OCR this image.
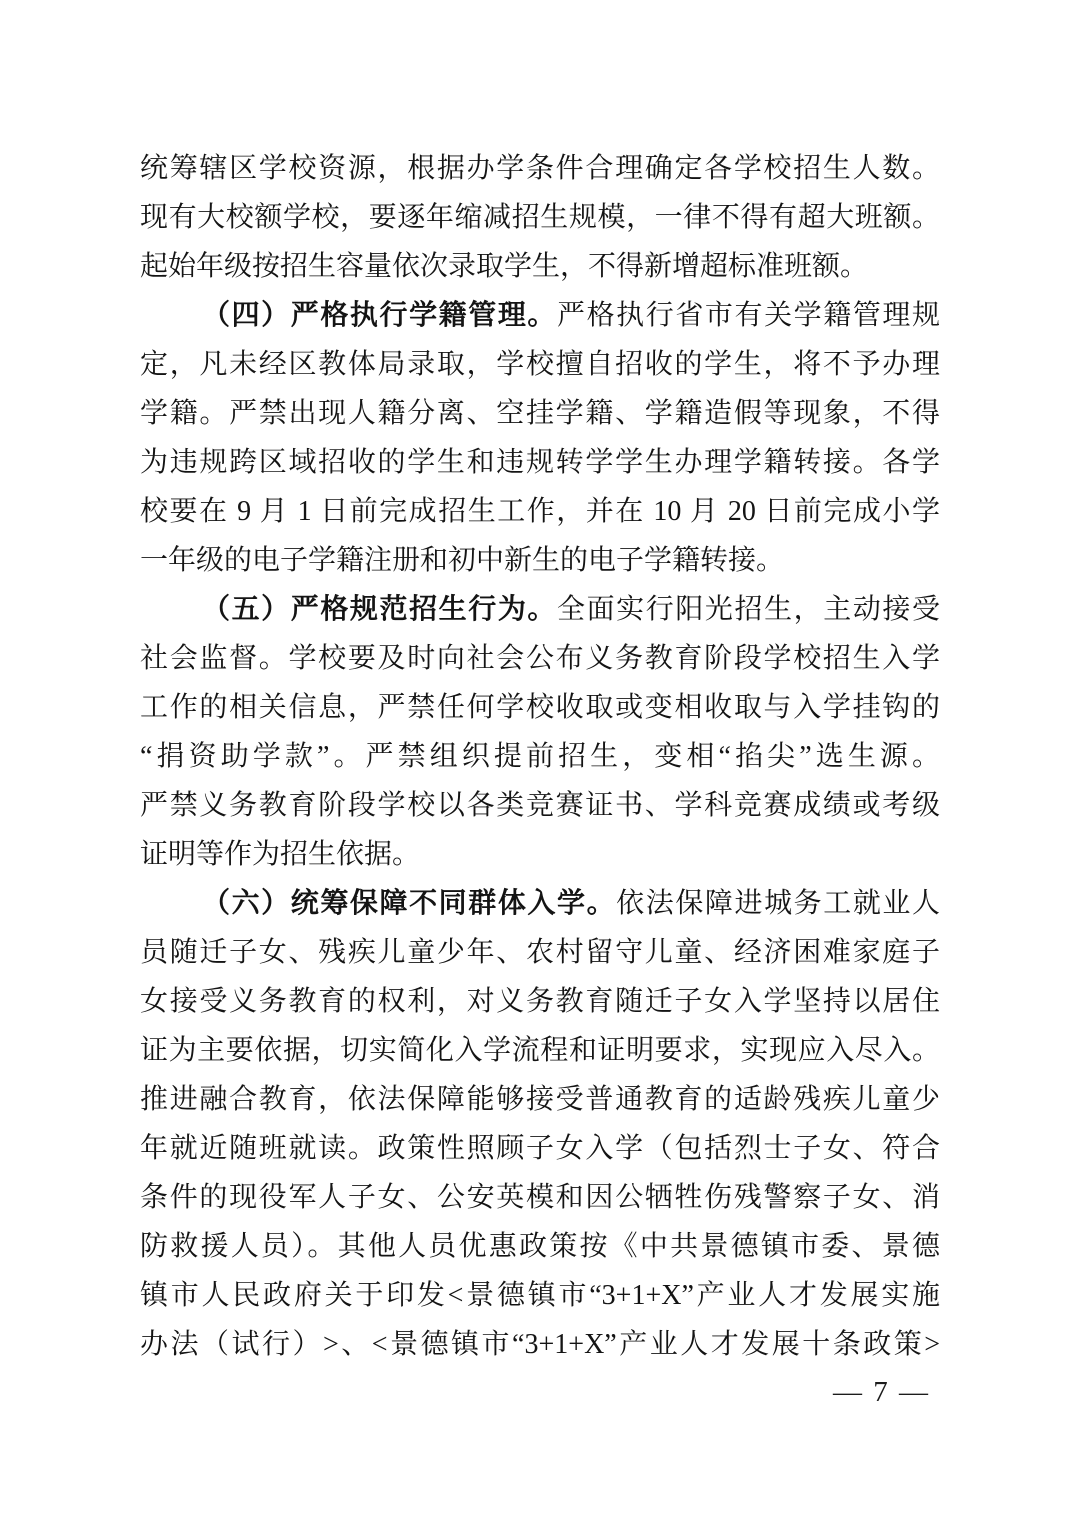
统筹辖区学校资源，根据办学条件合理确定各学校招生人数。
现有大校额学校，要逐年缩减招生规模，一律不得有超大班额。
起始年级按招生容量依次录取学生，不得新增超标准班额。
（四）严格执行学籍管理。严格执行省市有关学籍管理规
定，凡未经区教体局录取，学校擅自招收的学生，将不予办理
学籍。严禁出现人籍分离、空挂学籍、学籍造假等现象，不得
为违规跨区域招收的学生和违规转学学生办理学籍转接。各学
校要在 9 月 1 日前完成招生工作，并在 10 月 20 日前完成小学
一年级的电子学籍注册和初中新生的电子学籍转接。
（五）严格规范招生行为。全面实行阳光招生，主动接受
社会监督。学校要及时向社会公布义务教育阶段学校招生入学
工作的相关信息，严禁任何学校收取或变相收取与入学挂钩的
“捐资助学款”。严禁组织提前招生，变相“掐尖”选生源。
严禁义务教育阶段学校以各类竞赛证书、学科竞赛成绩或考级
证明等作为招生依据。
（六）统筹保障不同群体入学。依法保障进城务工就业人
员随迁子女、残疾儿童少年、农村留守儿童、经济困难家庭子
女接受义务教育的权利，对义务教育随迁子女入学坚持以居住
证为主要依据，切实简化入学流程和证明要求，实现应入尽入。
推进融合教育，依法保障能够接受普通教育的适龄残疾儿童少
年就近随班就读。政策性照顾子女入学（包括烈士子女、符合
条件的现役军人子女、公安英模和因公牺牲伤残警察子女、消
防救援人员）。其他人员优惠政策按《中共景德镇市委、景德
镇市人民政府关于印发<景德镇市“3+1+X”产业人才发展实施
办法（试行）>、<景德镇市“3+1+X”产业人才发展十条政策>
— 7 —
